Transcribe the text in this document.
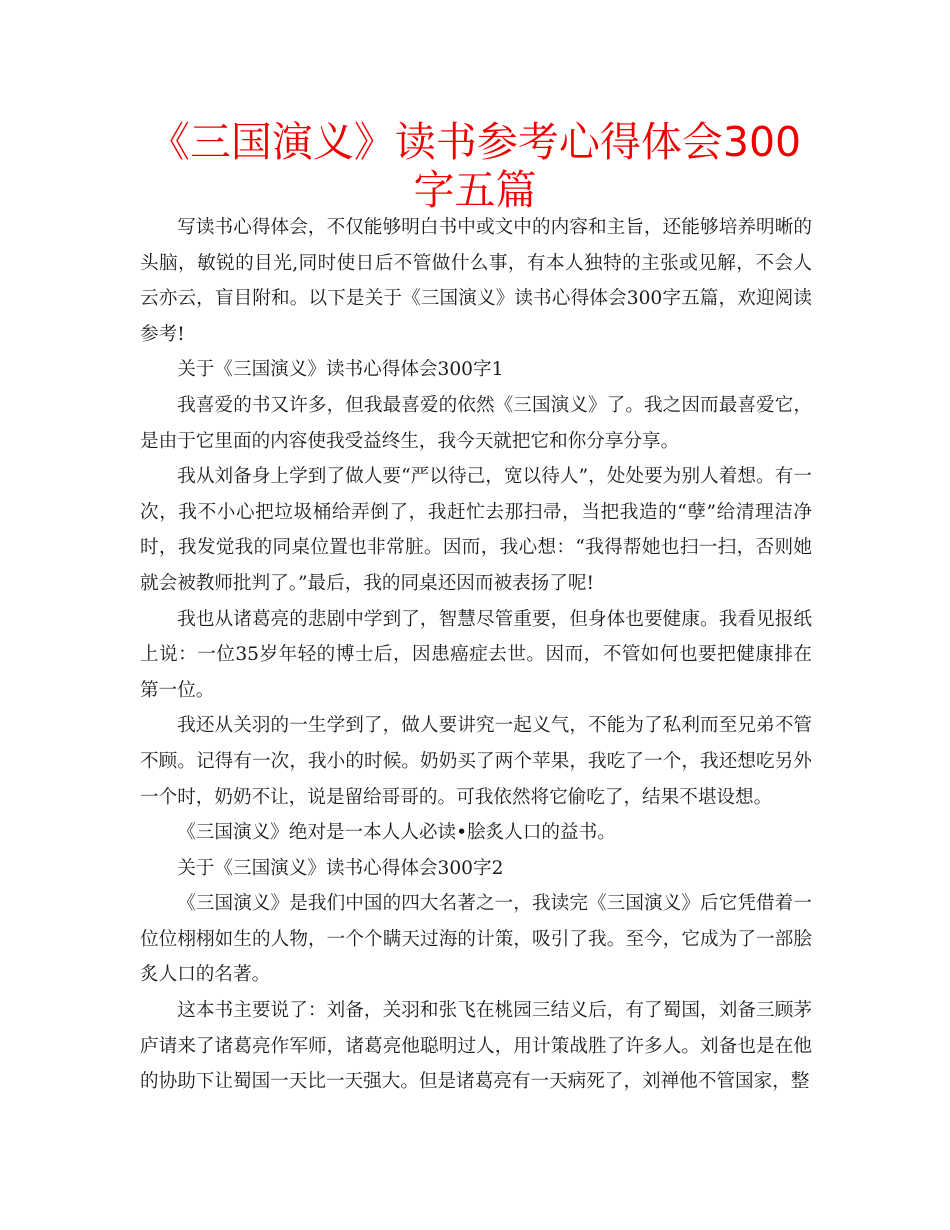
《三国演义》读书参考心得体会300字五篇

写读书心得体会，不仅能够明白书中或文中的内容和主旨，还能够培养明晰的头脑，敏锐的目光,同时使日后不管做什么事，有本人独特的主张或见解，不会人云亦云，盲目附和。以下是关于《三国演义》读书心得体会300字五篇，欢迎阅读参考!

关于《三国演义》读书心得体会300字1

我喜爱的书又许多，但我最喜爱的依然《三国演义》了。我之因而最喜爱它，是由于它里面的内容使我受益终生，我今天就把它和你分享分享。

我从刘备身上学到了做人要“严以待己，宽以待人”，处处要为别人着想。有一次，我不小心把垃圾桶给弄倒了，我赶忙去那扫帚，当把我造的“孽”给清理洁净时，我发觉我的同桌位置也非常脏。因而，我心想：“我得帮她也扫一扫，否则她就会被教师批判了。”最后，我的同桌还因而被表扬了呢!

我也从诸葛亮的悲剧中学到了，智慧尽管重要，但身体也要健康。我看见报纸上说：一位35岁年轻的博士后，因患癌症去世。因而，不管如何也要把健康排在第一位。

我还从关羽的一生学到了，做人要讲究一起义气，不能为了私利而至兄弟不管不顾。记得有一次，我小的时候。奶奶买了两个苹果，我吃了一个，我还想吃另外一个时，奶奶不让，说是留给哥哥的。可我依然将它偷吃了，结果不堪设想。

《三国演义》绝对是一本人人必读•脍炙人口的益书。

关于《三国演义》读书心得体会300字2

《三国演义》是我们中国的四大名著之一，我读完《三国演义》后它凭借着一位位栩栩如生的人物，一个个瞒天过海的计策，吸引了我。至今，它成为了一部脍炙人口的名著。

这本书主要说了：刘备，关羽和张飞在桃园三结义后，有了蜀国，刘备三顾茅庐请来了诸葛亮作军师，诸葛亮他聪明过人，用计策战胜了许多人。刘备也是在他的协助下让蜀国一天比一天强大。但是诸葛亮有一天病死了，刘禅他不管国家，整
